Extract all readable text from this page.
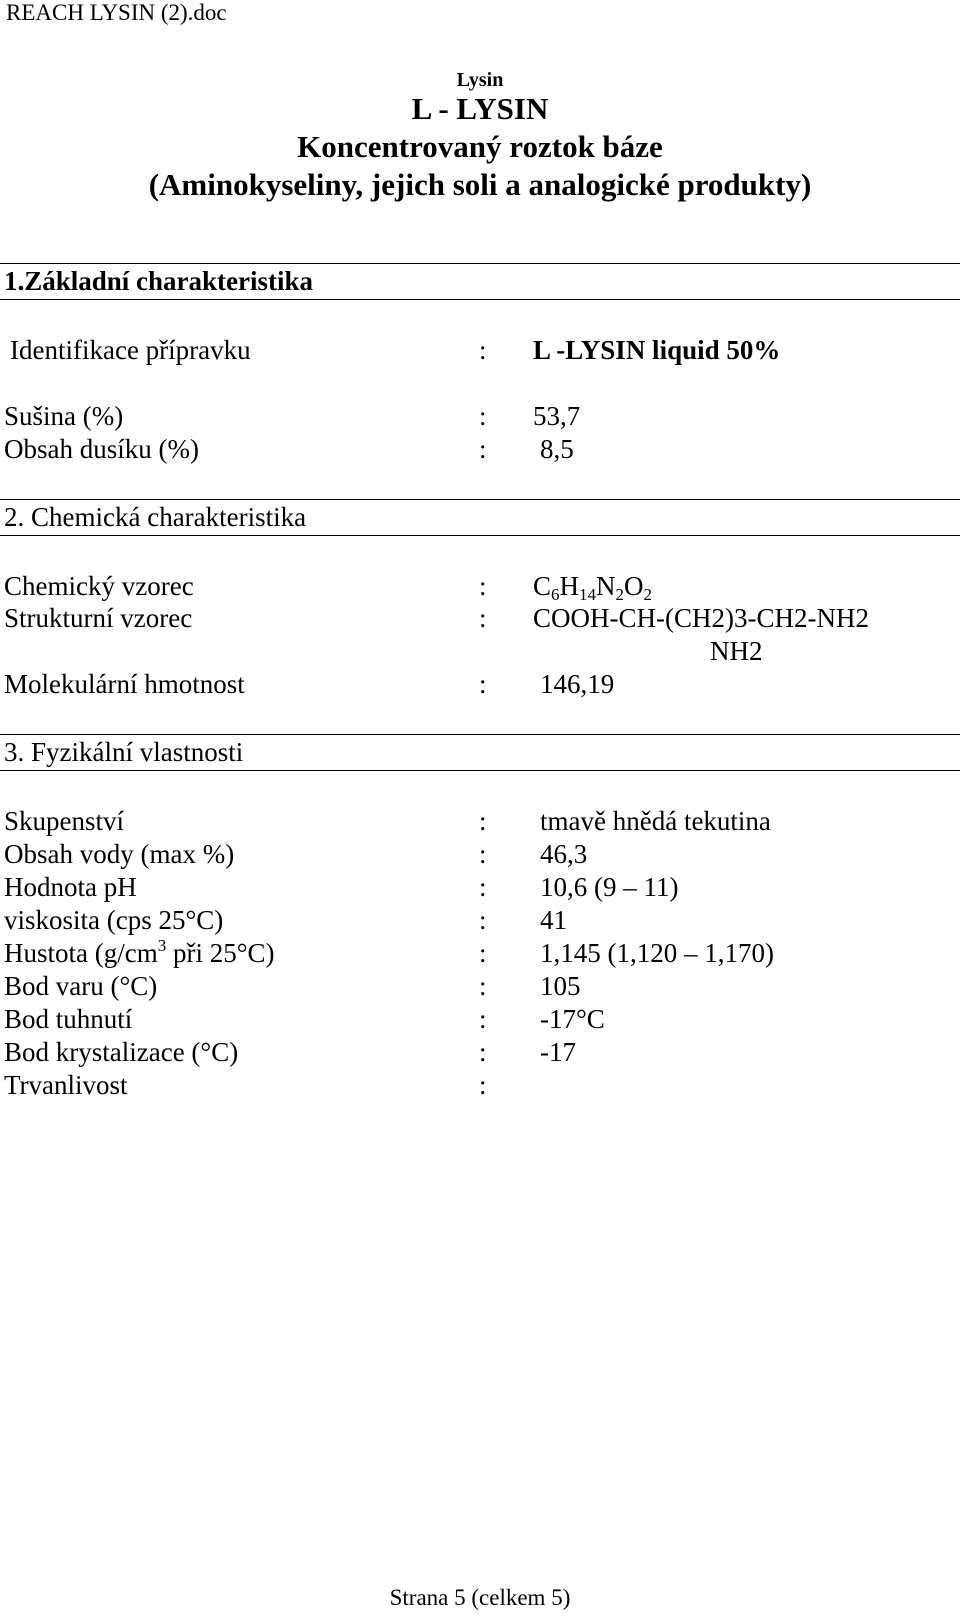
REACH LYSIN (2).doc
Lysin
L - LYSIN
Koncentrovaný roztok báze
(Aminokyseliny, jejich soli a analogické produkty)
1.Základní charakteristika
Identifikace přípravku	: L -LYSIN liquid 50%
Sušina (%)	: 53,7
Obsah dusíku (%)	: 8,5
2. Chemická charakteristika
Chemický vzorec	: $C_6H_{14}N_2O_2$
Strukturní vzorec	: COOH-CH-(CH2)3-CH2-NH2
NH2
Molekulární hmotnost	: 146,19
3. Fyzikální vlastnosti
Skupenství	: tmavě hnědá tekutina
Obsah vody (max %)	: 46,3
Hodnota pH	: 10,6 (9 – 11)
viskosita (cps 25°C)	: 41
Hustota ($g/cm^3$ při 25°C)	: 1,145 (1,120 – 1,170)
Bod varu (°C)	: 105
Bod tuhnutí	: -17°C
Bod krystalizace (°C)	: -17
Trvanlivost	:
Strana 5 (celkem 5)
